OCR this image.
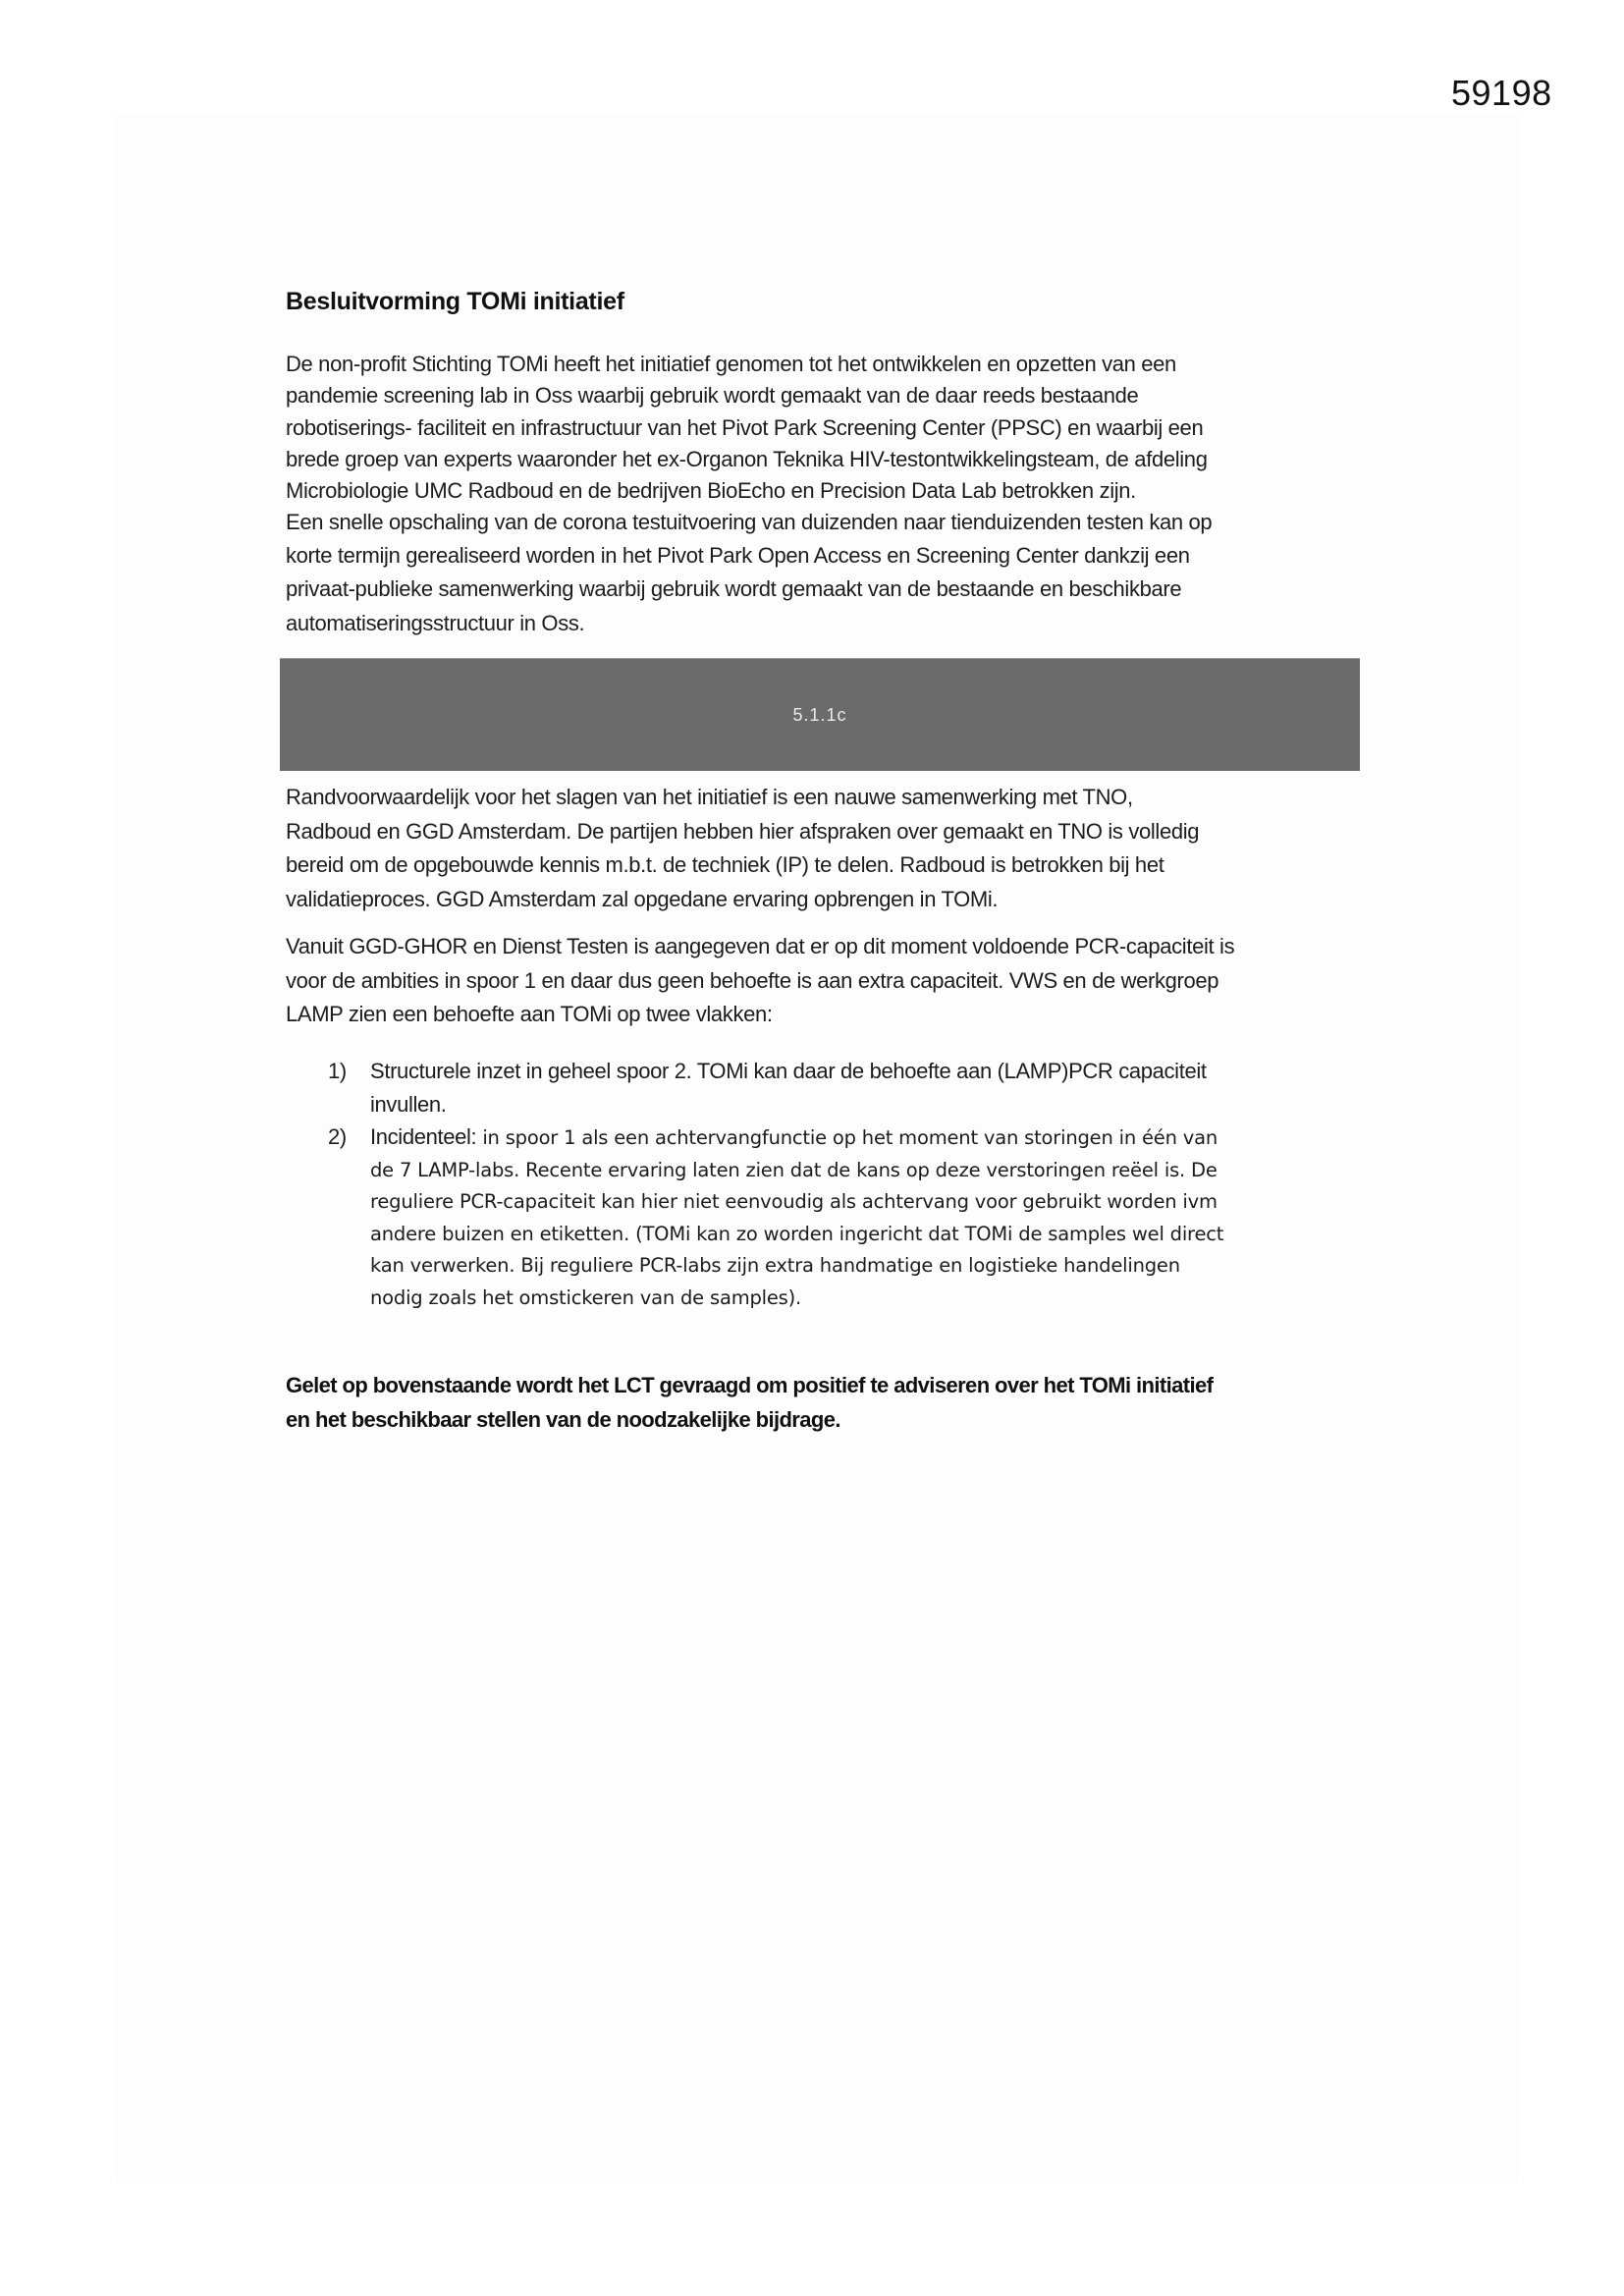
59198
Besluitvorming TOMi initiatief

De non-profit Stichting TOMi heeft het initiatief genomen tot het ontwikkelen en opzetten van een
pandemie screening lab in Oss waarbij gebruik wordt gemaakt van de daar reeds bestaande
robotiserings- faciliteit en infrastructuur van het Pivot Park Screening Center (PPSC) en waarbij een
brede groep van experts waaronder het ex-Organon Teknika HIV-testontwikkelingsteam, de afdeling
Microbiologie UMC Radboud en de bedrijven BioEcho en Precision Data Lab betrokken zijn.

Een snelle opschaling van de corona testuitvoering van duizenden naar tienduizenden testen kan op
korte termijn gerealiseerd worden in het Pivot Park Open Access en Screening Center dankzij een
privaat-publieke samenwerking waarbij gebruik wordt gemaakt van de bestaande en beschikbare
automatiseringsstructuur in Oss.

5.1.1c

Randvoorwaardelijk voor het slagen van het initiatief is een nauwe samenwerking met TNO,
Radboud en GGD Amsterdam. De partijen hebben hier afspraken over gemaakt en TNO is volledig
bereid om de opgebouwde kennis m.b.t. de techniek (IP) te delen. Radboud is betrokken bij het
validatieproces. GGD Amsterdam zal opgedane ervaring opbrengen in TOMi.

Vanuit GGD-GHOR en Dienst Testen is aangegeven dat er op dit moment voldoende PCR-capaciteit is
voor de ambities in spoor 1 en daar dus geen behoefte is aan extra capaciteit. VWS en de werkgroep
LAMP zien een behoefte aan TOMi op twee vlakken:

1) Structurele inzet in geheel spoor 2. TOMi kan daar de behoefte aan (LAMP)PCR capaciteit
invullen.
2) Incidenteel: in spoor 1 als een achtervangfunctie op het moment van storingen in één van
de 7 LAMP-labs. Recente ervaring laten zien dat de kans op deze verstoringen reëel is. De
reguliere PCR-capaciteit kan hier niet eenvoudig als achtervang voor gebruikt worden ivm
andere buizen en etiketten. (TOMi kan zo worden ingericht dat TOMi de samples wel direct
kan verwerken. Bij reguliere PCR-labs zijn extra handmatige en logistieke handelingen
nodig zoals het omstickeren van de samples).

Gelet op bovenstaande wordt het LCT gevraagd om positief te adviseren over het TOMi initiatief
en het beschikbaar stellen van de noodzakelijke bijdrage.
